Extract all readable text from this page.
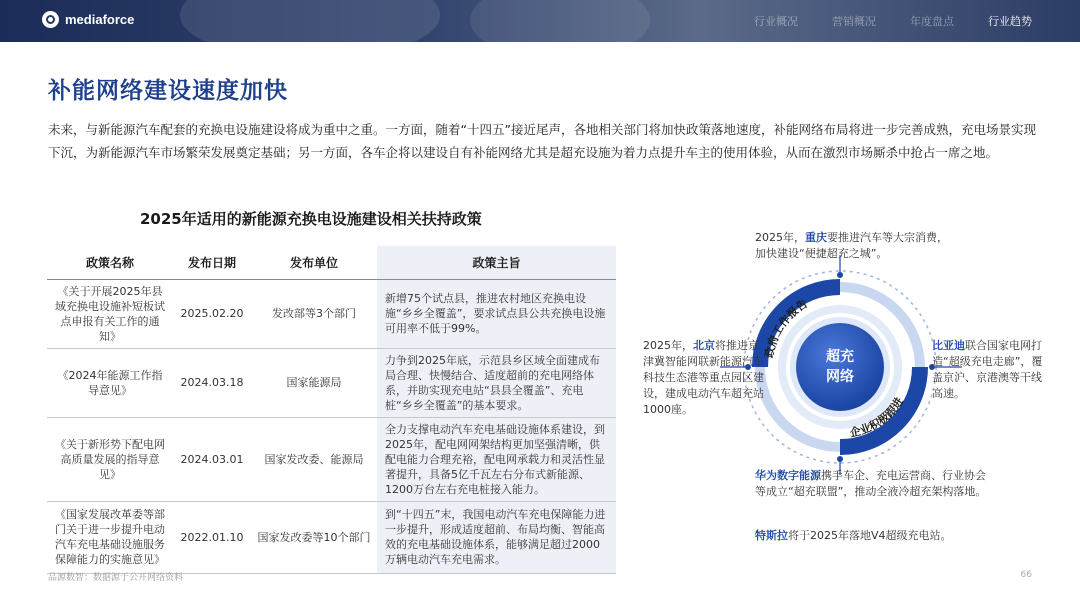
mediaforce	行业概况	营销概况	年度盘点	行业趋势
补能网络建设速度加快
未来，与新能源汽车配套的充换电设施建设将成为重中之重。一方面，随着“十四五”接近尾声，各地相关部门将加快政策落地速度，补能网络布局将进一步完善成熟，充电场景实现下沉，为新能源汽车市场繁荣发展奠定基础；另一方面，各车企将以建设自有补能网络尤其是超充设施为着力点提升车主的使用体验，从而在激烈市场厮杀中抢占一席之地。
2025年适用的新能源充换电设施建设相关扶持政策
政策名称	发布日期	发布单位	政策主旨
《关于开展2025年县域充换电设施补短板试点申报有关工作的通知》	2025.02.20	发改部等3个部门	新增75个试点县，推进农村地区充换电设施“乡乡全覆盖”，要求试点县公共充换电设施可用率不低于99%。
《2024年能源工作指导意见》	2024.03.18	国家能源局	力争到2025年底，示范县乡区域全面建成布局合理、快慢结合、适度超前的充电网络体系，并助实现充电站“县县全覆盖”、充电桩“乡乡全覆盖”的基本要求。
《关于新形势下配电网高质量发展的指导意见》	2024.03.01	国家发改委、能源局	全力支撑电动汽车充电基础设施体系建设，到2025年，配电网网架结构更加坚强清晰，供配电能力合理充裕，配电网承载力和灵活性显著提升，具备5亿千瓦左右分布式新能源、1200万台左右充电桩接入能力。
《国家发展改革委等部门关于进一步提升电动汽车充电基础设施服务保障能力的实施意见》	2022.01.10	国家发改委等10个部门	到“十四五”末，我国电动汽车充电保障能力进一步提升，形成适度超前、布局均衡、智能高效的充电基础设施体系，能够满足超过2000万辆电动汽车充电需求。
政府工作报告
企业积极跟进
超充
网络
2025年，重庆要推进汽车等大宗消费，加快建设“便捷超充之城”。
2025年，北京将推进京津冀智能网联新能源汽车科技生态港等重点园区建设，建成电动汽车超充站1000座。
比亚迪联合国家电网打造“超级充电走廊”，覆盖京沪、京港澳等干线高速。
华为数字能源携手车企、充电运营商、行业协会等成立“超充联盟”，推动全液冷超充架构落地。
特斯拉将于2025年落地V4超级充电站。
品源数智：数据源于公开网络资料	66
